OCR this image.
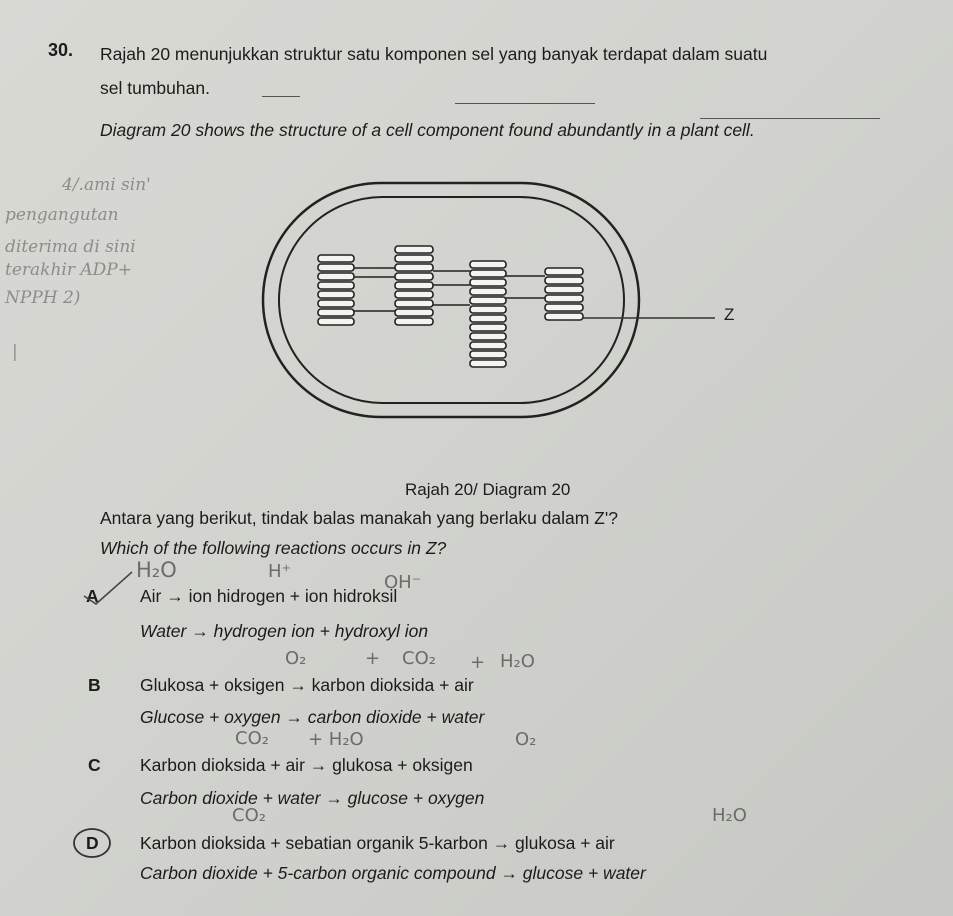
30. Rajah 20 menunjukkan struktur satu komponen sel yang banyak terdapat dalam suatu
sel tumbuhan.
Diagram 20 shows the structure of a cell component found abundantly in a plant cell.
4/.ami sin'
pengangutan
diterima di sini
terakhir ADP+
NPPH 2)
|
Z
Rajah 20/ Diagram 20
Antara yang berikut, tindak balas manakah yang berlaku dalam Z'?
Which of the following reactions occurs in Z?
H₂O	H⁺
OH⁻
A Air → ion hidrogen + ion hidroksil
Water → hydrogen ion + hydroxyl ion
O₂	+ CO₂ + H₂O
B Glukosa + oksigen → karbon dioksida + air
Glucose + oxygen → carbon dioxide + water
CO₂ + H₂O	O₂
C Karbon dioksida + air → glukosa + oksigen
Carbon dioxide + water → glucose + oxygen
CO₂	H₂O
D Karbon dioksida + sebatian organik 5-karbon → glukosa + air
Carbon dioxide + 5-carbon organic compound → glucose + water
